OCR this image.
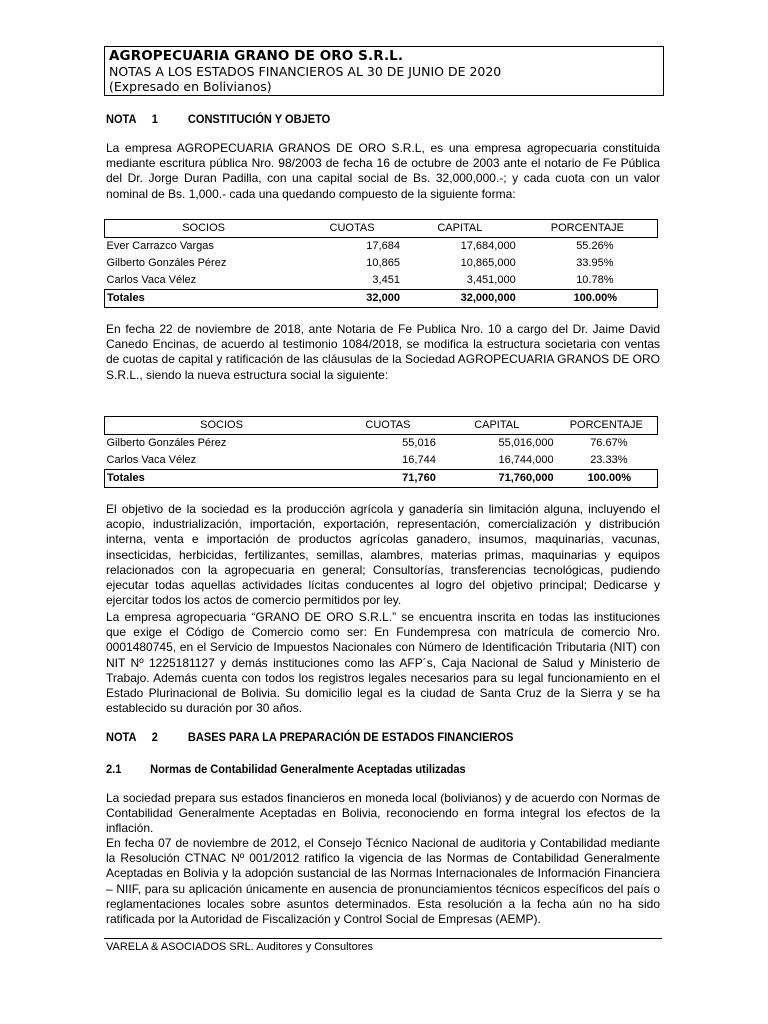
AGROPECUARIA GRANO DE ORO S.R.L.
NOTAS A LOS ESTADOS FINANCIEROS AL 30 DE JUNIO DE 2020
(Expresado en Bolivianos)
NOTA 1 CONSTITUCIÓN Y OBJETO

La empresa AGROPECUARIA GRANOS DE ORO S.R.L, es una empresa agropecuaria constituida mediante escritura pública Nro. 98/2003 de fecha 16 de octubre de 2003 ante el notario de Fe Pública del Dr. Jorge Duran Padilla, con una capital social de Bs. 32,000,000.-; y cada cuota con un valor nominal de Bs. 1,000.- cada una quedando compuesto de la siguiente forma:

SOCIOS	CUOTAS	CAPITAL	PORCENTAJE
Ever Carrazco Vargas	17,684	17,684,000	55.26%
Gilberto Gonzáles Pérez	10,865	10,865,000	33.95%
Carlos Vaca Vélez	3,451	3,451,000	10.78%
Totales	32,000	32,000,000	100.00%

En fecha 22 de noviembre de 2018, ante Notaria de Fe Publica Nro. 10 a cargo del Dr. Jaime David Canedo Encinas, de acuerdo al testimonio 1084/2018, se modifica la estructura societaria con ventas de cuotas de capital y ratificación de las cláusulas de la Sociedad AGROPECUARIA GRANOS DE ORO S.R.L., siendo la nueva estructura social la siguiente:

SOCIOS	CUOTAS	CAPITAL	PORCENTAJE
Gilberto Gonzáles Pérez	55,016	55,016,000	76.67%
Carlos Vaca Vélez	16,744	16,744,000	23.33%
Totales	71,760	71,760,000	100.00%

El objetivo de la sociedad es la producción agrícola y ganadería sin limitación alguna, incluyendo el acopio, industrialización, importación, exportación, representación, comercialización y distribución interna, venta e importación de productos agrícolas ganadero, insumos, maquinarias, vacunas, insecticidas, herbicidas, fertilizantes, semillas, alambres, materias primas, maquinarias y equipos relacionados con la agropecuaria en general; Consultorías, transferencias tecnológicas, pudiendo ejecutar todas aquellas actividades lícitas conducentes al logro del objetivo principal; Dedicarse y ejercitar todos los actos de comercio permitidos por ley.

La empresa agropecuaria “GRANO DE ORO S.R.L.” se encuentra inscrita en todas las instituciones que exige el Código de Comercio como ser: En Fundempresa con matrícula de comercio Nro. 0001480745, en el Servicio de Impuestos Nacionales con Número de Identificación Tributaria (NIT) con NIT Nº 1225181127 y demás instituciones como las AFP´s, Caja Nacional de Salud y Ministerio de Trabajo. Además cuenta con todos los registros legales necesarios para su legal funcionamiento en el Estado Plurinacional de Bolivia. Su domicilio legal es la ciudad de Santa Cruz de la Sierra y se ha establecido su duración por 30 años.

NOTA 2 BASES PARA LA PREPARACIÓN DE ESTADOS FINANCIEROS
2.1 Normas de Contabilidad Generalmente Aceptadas utilizadas

La sociedad prepara sus estados financieros en moneda local (bolivianos) y de acuerdo con Normas de Contabilidad Generalmente Aceptadas en Bolivia, reconociendo en forma integral los efectos de la inflación.

En fecha 07 de noviembre de 2012, el Consejo Técnico Nacional de auditoria y Contabilidad mediante la Resolución CTNAC Nº 001/2012 ratifico la vigencia de las Normas de Contabilidad Generalmente Aceptadas en Bolivia y la adopción sustancial de las Normas Internacionales de Información Financiera – NIIF, para su aplicación únicamente en ausencia de pronunciamientos técnicos específicos del país o reglamentaciones locales sobre asuntos determinados. Esta resolución a la fecha aún no ha sido ratificada por la Autoridad de Fiscalización y Control Social de Empresas (AEMP).

VARELA & ASOCIADOS SRL. Auditores y Consultores
